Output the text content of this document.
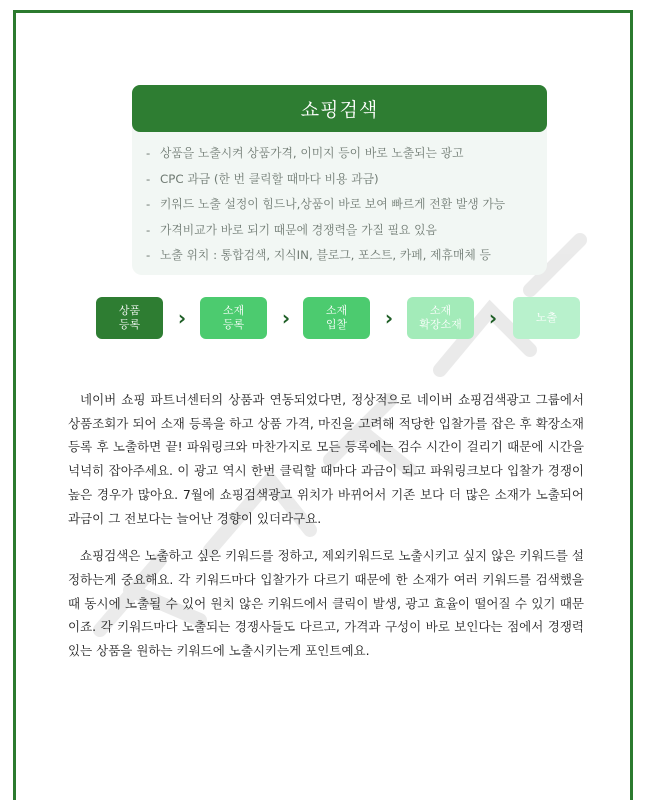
쇼핑검색
- 상품을 노출시켜 상품가격, 이미지 등이 바로 노출되는 광고
- CPC 과금 (한 번 클릭할 때마다 비용 과금)
- 키워드 노출 설정이 힘드나,상품이 바로 보여 빠르게 전환 발생 가능
- 가격비교가 바로 되기 때문에 경쟁력을 가질 필요 있음
- 노출 위치 : 통합검색, 지식IN, 블로그, 포스트, 카페, 제휴매체 등
상품
등록 ›	소재
등록 ›	소재
입찰 ›	소재
확장소재 ›	노출

네이버 쇼핑 파트너센터의 상품과 연동되었다면, 정상적으로 네이버 쇼핑검색광고 그룹에서 상품조회가 되어 소재 등록을 하고 상품 가격, 마진을 고려해 적당한 입찰가를 잡은 후 확장소재 등록 후 노출하면 끝! 파워링크와 마찬가지로 모든 등록에는 검수 시간이 걸리기 때문에 시간을 넉넉히 잡아주세요. 이 광고 역시 한번 클릭할 때마다 과금이 되고 파워링크보다 입찰가 경쟁이 높은 경우가 많아요. 7월에 쇼핑검색광고 위치가 바뀌어서 기존 보다 더 많은 소재가 노출되어 과금이 그 전보다는 늘어난 경향이 있더라구요.

쇼핑검색은 노출하고 싶은 키워드를 정하고, 제외키워드로 노출시키고 싶지 않은 키워드를 설정하는게 중요해요. 각 키워드마다 입찰가가 다르기 때문에 한 소재가 여러 키워드를 검색했을 때 동시에 노출될 수 있어 원치 않은 키워드에서 클릭이 발생, 광고 효율이 떨어질 수 있기 때문이죠. 각 키워드마다 노출되는 경쟁사들도 다르고, 가격과 구성이 바로 보인다는 점에서 경쟁력 있는 상품을 원하는 키워드에 노출시키는게 포인트예요.
